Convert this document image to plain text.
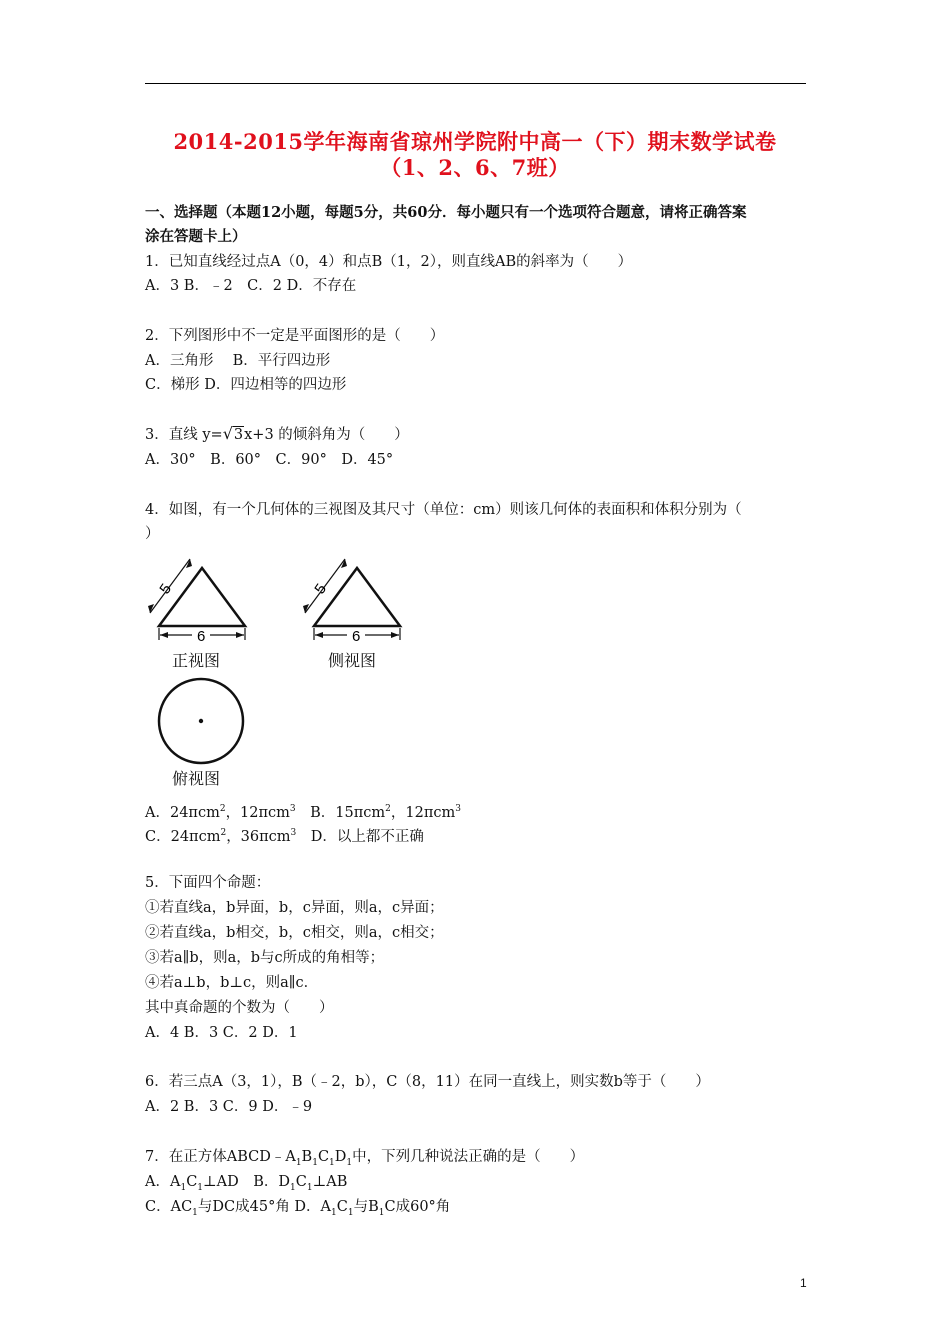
2014-2015学年海南省琼州学院附中高一（下）期末数学试卷
（1、2、6、7班）
一、选择题（本题12小题，每题5分，共60分．每小题只有一个选项符合题意，请将正确答案
涂在答题卡上）
1．已知直线经过点A（0，4）和点B（1，2），则直线AB的斜率为（　　）
A．3 B．﹣2　C．2 D．不存在
2．下列图形中不一定是平面图形的是（　　）
A．三角形　 B．平行四边形
C．梯形 D．四边相等的四边形
3．直线 y=√3x+3 的倾斜角为（　　）
A．30°　B．60°　C．90°　D．45°
4．如图，有一个几何体的三视图及其尺寸（单位：cm）则该几何体的表面积和体积分别为（
）
5
6
正视图
5
6
侧视图
俯视图
A．24πcm$^2$，12πcm$^3$　B．15πcm$^2$，12πcm$^3$
C．24πcm$^2$，36πcm$^3$　D．以上都不正确
5．下面四个命题：
①若直线a，b异面，b，c异面，则a，c异面；
②若直线a，b相交，b，c相交，则a，c相交；
③若a∥b，则a，b与c所成的角相等；
④若a⊥b，b⊥c，则a∥c．
其中真命题的个数为（　　）
A．4 B．3 C．2 D．1
6．若三点A（3，1），B（﹣2，b），C（8，11）在同一直线上，则实数b等于（　　）
A．2 B．3 C．9 D．﹣9
7．在正方体$ABCD﹣A_1B_1C_1D_1$中，下列几种说法正确的是（　　）
A．$A_1C_1\perp AD$　B．$D_1C_1\perp AB$
C．$AC_1$与DC成45°角 D．$A_1C_1$与$B_1C$成60°角
1
